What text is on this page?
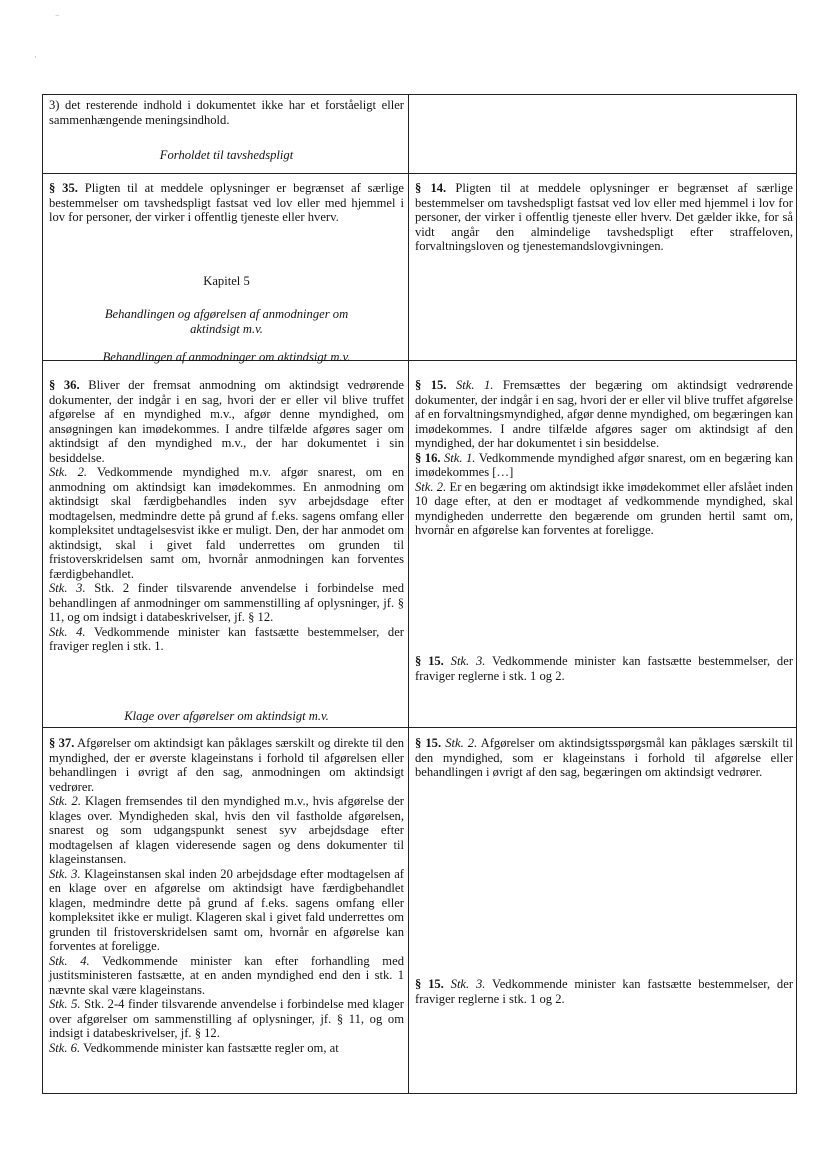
⁻
·

3) det resterende indhold i dokumentet ikke har et forståeligt eller sammenhængende meningsindhold.

Forholdet til tavshedspligt

§ 35. Pligten til at meddele oplysninger er begrænset af særlige bestemmelser om tavshedspligt fastsat ved lov eller med hjemmel i lov for personer, der virker i offentlig tjeneste eller hverv.

Kapitel 5

Behandlingen og afgørelsen af anmodninger om aktindsigt m.v.

Behandlingen af anmodninger om aktindsigt m.v.

§ 36. Bliver der fremsat anmodning om aktindsigt vedrørende dokumenter, der indgår i en sag, hvori der er eller vil blive truffet afgørelse af en myndighed m.v., afgør denne myndighed, om ansøgningen kan imødekommes. I andre tilfælde afgøres sager om aktindsigt af den myndighed m.v., der har dokumentet i sin besiddelse.

Stk. 2. Vedkommende myndighed m.v. afgør snarest, om en anmodning om aktindsigt kan imødekommes. En anmodning om aktindsigt skal færdigbehandles inden syv arbejdsdage efter modtagelsen, medmindre dette på grund af f.eks. sagens omfang eller kompleksitet undtagelsesvist ikke er muligt. Den, der har anmodet om aktindsigt, skal i givet fald underrettes om grunden til fristoverskridelsen samt om, hvornår anmodningen kan forventes færdigbehandlet.

Stk. 3. Stk. 2 finder tilsvarende anvendelse i forbindelse med behandlingen af anmodninger om sammenstilling af oplysninger, jf. § 11, og om indsigt i databeskrivelser, jf. § 12.

Stk. 4. Vedkommende minister kan fastsætte bestemmelser, der fraviger reglen i stk. 1.

Klage over afgørelser om aktindsigt m.v.

§ 37. Afgørelser om aktindsigt kan påklages særskilt og direkte til den myndighed, der er øverste klageinstans i forhold til afgørelsen eller behandlingen i øvrigt af den sag, anmodningen om aktindsigt vedrører.

Stk. 2. Klagen fremsendes til den myndighed m.v., hvis afgørelse der klages over. Myndigheden skal, hvis den vil fastholde afgørelsen, snarest og som udgangspunkt senest syv arbejdsdage efter modtagelsen af klagen videresende sagen og dens dokumenter til klageinstansen.

Stk. 3. Klageinstansen skal inden 20 arbejdsdage efter modtagelsen af en klage over en afgørelse om aktindsigt have færdigbehandlet klagen, medmindre dette på grund af f.eks. sagens omfang eller kompleksitet ikke er muligt. Klageren skal i givet fald underrettes om grunden til fristoverskridelsen samt om, hvornår en afgørelse kan forventes at foreligge.

Stk. 4. Vedkommende minister kan efter forhandling med justitsministeren fastsætte, at en anden myndighed end den i stk. 1 nævnte skal være klageinstans.

Stk. 5. Stk. 2-4 finder tilsvarende anvendelse i forbindelse med klager over afgørelser om sammenstilling af oplysninger, jf. § 11, og om indsigt i databeskrivelser, jf. § 12.

Stk. 6. Vedkommende minister kan fastsætte regler om, at

§ 14. Pligten til at meddele oplysninger er begrænset af særlige bestemmelser om tavshedspligt fastsat ved lov eller med hjemmel i lov for personer, der virker i offentlig tjeneste eller hverv. Det gælder ikke, for så vidt angår den almindelige tavshedspligt efter straffeloven, forvaltningsloven og tjenestemandslovgivningen.

§ 15. Stk. 1. Fremsættes der begæring om aktindsigt vedrørende dokumenter, der indgår i en sag, hvori der er eller vil blive truffet afgørelse af en forvaltningsmyndighed, afgør denne myndighed, om begæringen kan imødekommes. I andre tilfælde afgøres sager om aktindsigt af den myndighed, der har dokumentet i sin besiddelse.

§ 16. Stk. 1. Vedkommende myndighed afgør snarest, om en begæring kan imødekommes […]

Stk. 2. Er en begæring om aktindsigt ikke imødekommet eller afslået inden 10 dage efter, at den er modtaget af vedkommende myndighed, skal myndigheden underrette den begærende om grunden hertil samt om, hvornår en afgørelse kan forventes at foreligge.

§ 15. Stk. 3. Vedkommende minister kan fastsætte bestemmelser, der fraviger reglerne i stk. 1 og 2.

§ 15. Stk. 2. Afgørelser om aktindsigtsspørgsmål kan påklages særskilt til den myndighed, som er klageinstans i forhold til afgørelse eller behandlingen i øvrigt af den sag, begæringen om aktindsigt vedrører.

§ 15. Stk. 3. Vedkommende minister kan fastsætte bestemmelser, der fraviger reglerne i stk. 1 og 2.
